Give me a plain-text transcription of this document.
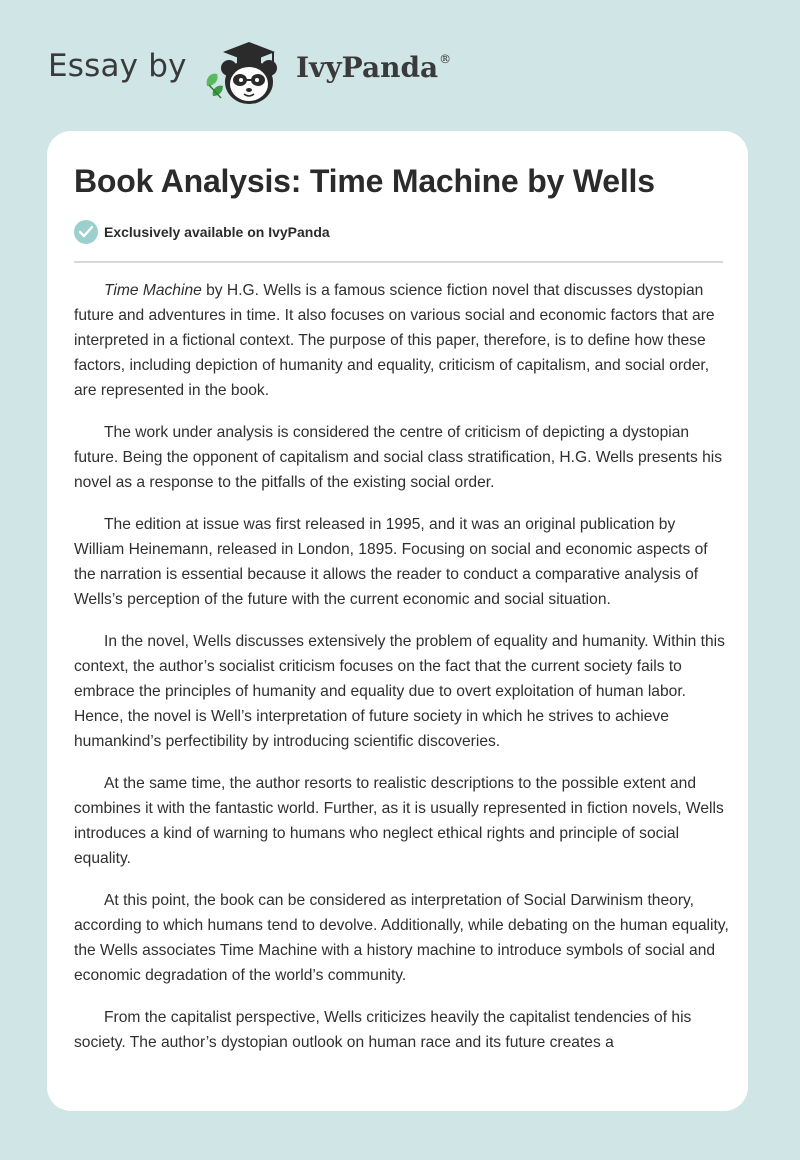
Essay by	IvyPanda®
Book Analysis: Time Machine by Wells
Exclusively available on IvyPanda

Time Machine by H.G. Wells is a famous science fiction novel that discusses dystopian future and adventures in time. It also focuses on various social and economic factors that are interpreted in a fictional context. The purpose of this paper, therefore, is to define how these factors, including depiction of humanity and equality, criticism of capitalism, and social order, are represented in the book.

The work under analysis is considered the centre of criticism of depicting a dystopian future. Being the opponent of capitalism and social class stratification, H.G. Wells presents his novel as a response to the pitfalls of the existing social order.

The edition at issue was first released in 1995, and it was an original publication by William Heinemann, released in London, 1895. Focusing on social and economic aspects of the narration is essential because it allows the reader to conduct a comparative analysis of Wells’s perception of the future with the current economic and social situation.

In the novel, Wells discusses extensively the problem of equality and humanity. Within this context, the author’s socialist criticism focuses on the fact that the current society fails to embrace the principles of humanity and equality due to overt exploitation of human labor. Hence, the novel is Well’s interpretation of future society in which he strives to achieve humankind’s perfectibility by introducing scientific discoveries.

At the same time, the author resorts to realistic descriptions to the possible extent and combines it with the fantastic world. Further, as it is usually represented in fiction novels, Wells introduces a kind of warning to humans who neglect ethical rights and principle of social equality.

At this point, the book can be considered as interpretation of Social Darwinism theory, according to which humans tend to devolve. Additionally, while debating on the human equality, the Wells associates Time Machine with a history machine to introduce symbols of social and economic degradation of the world’s community.

From the capitalist perspective, Wells criticizes heavily the capitalist tendencies of his society. The author’s dystopian outlook on human race and its future creates a
